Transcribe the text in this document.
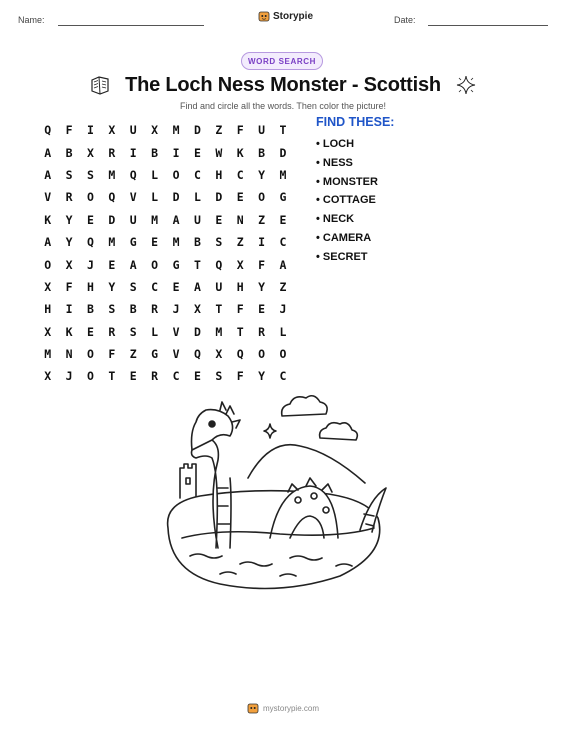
Name:	Storypie	Date:
WORD SEARCH
The Loch Ness Monster - Scottish
Find and circle all the words. Then color the picture!
Q	F	I	X	U	X	M	D	Z	F	U	T
A	B	X	R	I	B	I	E	W	K	B	D
A	S	S	M	Q	L	O	C	H	C	Y	M
V	R	O	Q	V	L	D	L	D	E	O	G
K	Y	E	D	U	M	A	U	E	N	Z	E
A	Y	Q	M	G	E	M	B	S	Z	I	C
O	X	J	E	A	O	G	T	Q	X	F	A
X	F	H	Y	S	C	E	A	U	H	Y	Z
H	I	B	S	B	R	J	X	T	F	E	J
X	K	E	R	S	L	V	D	M	T	R	L
M	N	O	F	Z	G	V	Q	X	Q	O	O
X	J	O	T	E	R	C	E	S	F	Y	C
FIND THESE:
• LOCH
• NESS
• MONSTER
• COTTAGE
• NECK
• CAMERA
• SECRET
mystorypie.com
